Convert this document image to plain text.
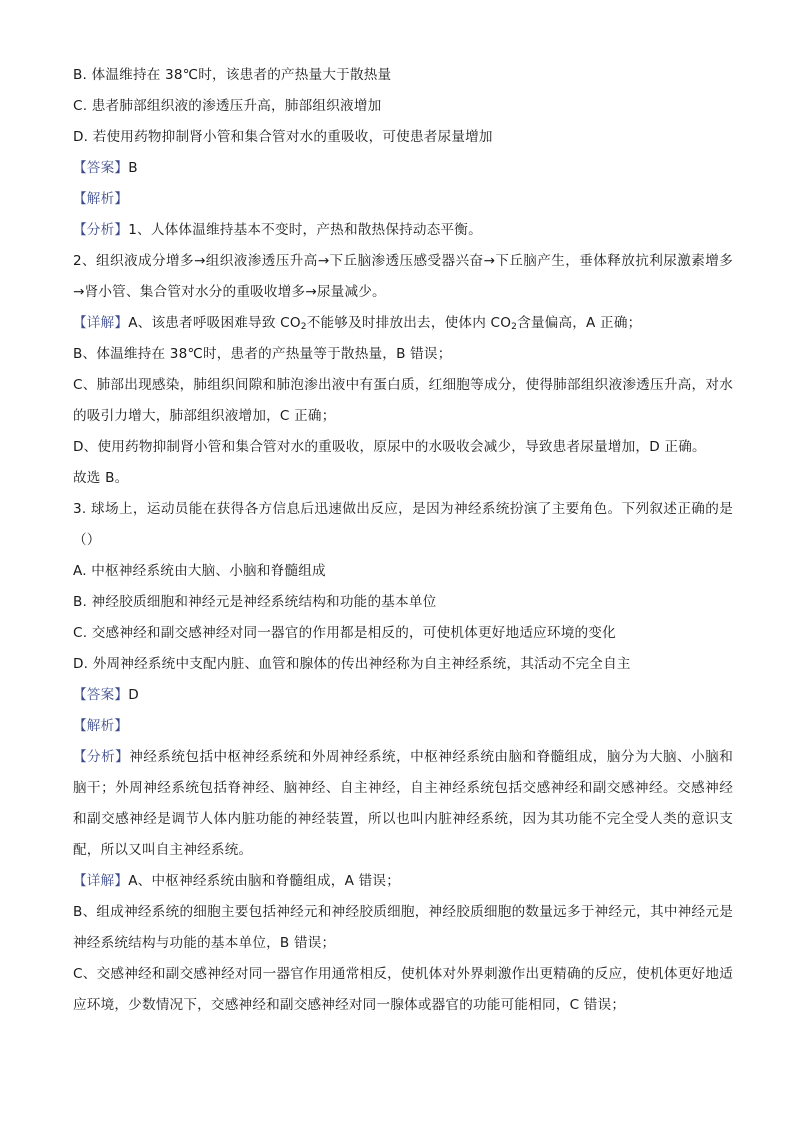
B. 体温维持在 38℃时，该患者的产热量大于散热量
C. 患者肺部组织液的渗透压升高，肺部组织液增加
D. 若使用药物抑制肾小管和集合管对水的重吸收，可使患者尿量增加
【答案】B
【解析】
【分析】1、人体体温维持基本不变时，产热和散热保持动态平衡。
2、组织液成分增多→组织液渗透压升高→下丘脑渗透压感受器兴奋→下丘脑产生，垂体释放抗利尿激素增多→肾小管、集合管对水分的重吸收增多→尿量减少。
【详解】A、该患者呼吸困难导致 $CO_2$不能够及时排放出去，使体内 $CO_2$含量偏高，A 正确；
B、体温维持在 38℃时，患者的产热量等于散热量，B 错误；
C、肺部出现感染，肺组织间隙和肺泡渗出液中有蛋白质，红细胞等成分，使得肺部组织液渗透压升高，对水的吸引力增大，肺部组织液增加，C 正确；
D、使用药物抑制肾小管和集合管对水的重吸收，原尿中的水吸收会减少，导致患者尿量增加，D 正确。
故选 B。
3. 球场上，运动员能在获得各方信息后迅速做出反应，是因为神经系统扮演了主要角色。下列叙述正确的是（）
A. 中枢神经系统由大脑、小脑和脊髓组成
B. 神经胶质细胞和神经元是神经系统结构和功能的基本单位
C. 交感神经和副交感神经对同一器官的作用都是相反的，可使机体更好地适应环境的变化
D. 外周神经系统中支配内脏、血管和腺体的传出神经称为自主神经系统，其活动不完全自主
【答案】D
【解析】
【分析】神经系统包括中枢神经系统和外周神经系统，中枢神经系统由脑和脊髓组成，脑分为大脑、小脑和脑干；外周神经系统包括脊神经、脑神经、自主神经，自主神经系统包括交感神经和副交感神经。交感神经和副交感神经是调节人体内脏功能的神经装置，所以也叫内脏神经系统，因为其功能不完全受人类的意识支配，所以又叫自主神经系统。
【详解】A、中枢神经系统由脑和脊髓组成，A 错误；
B、组成神经系统的细胞主要包括神经元和神经胶质细胞，神经胶质细胞的数量远多于神经元，其中神经元是神经系统结构与功能的基本单位，B 错误；
C、交感神经和副交感神经对同一器官作用通常相反，使机体对外界刺激作出更精确的反应，使机体更好地适应环境，少数情况下，交感神经和副交感神经对同一腺体或器官的功能可能相同，C 错误；
